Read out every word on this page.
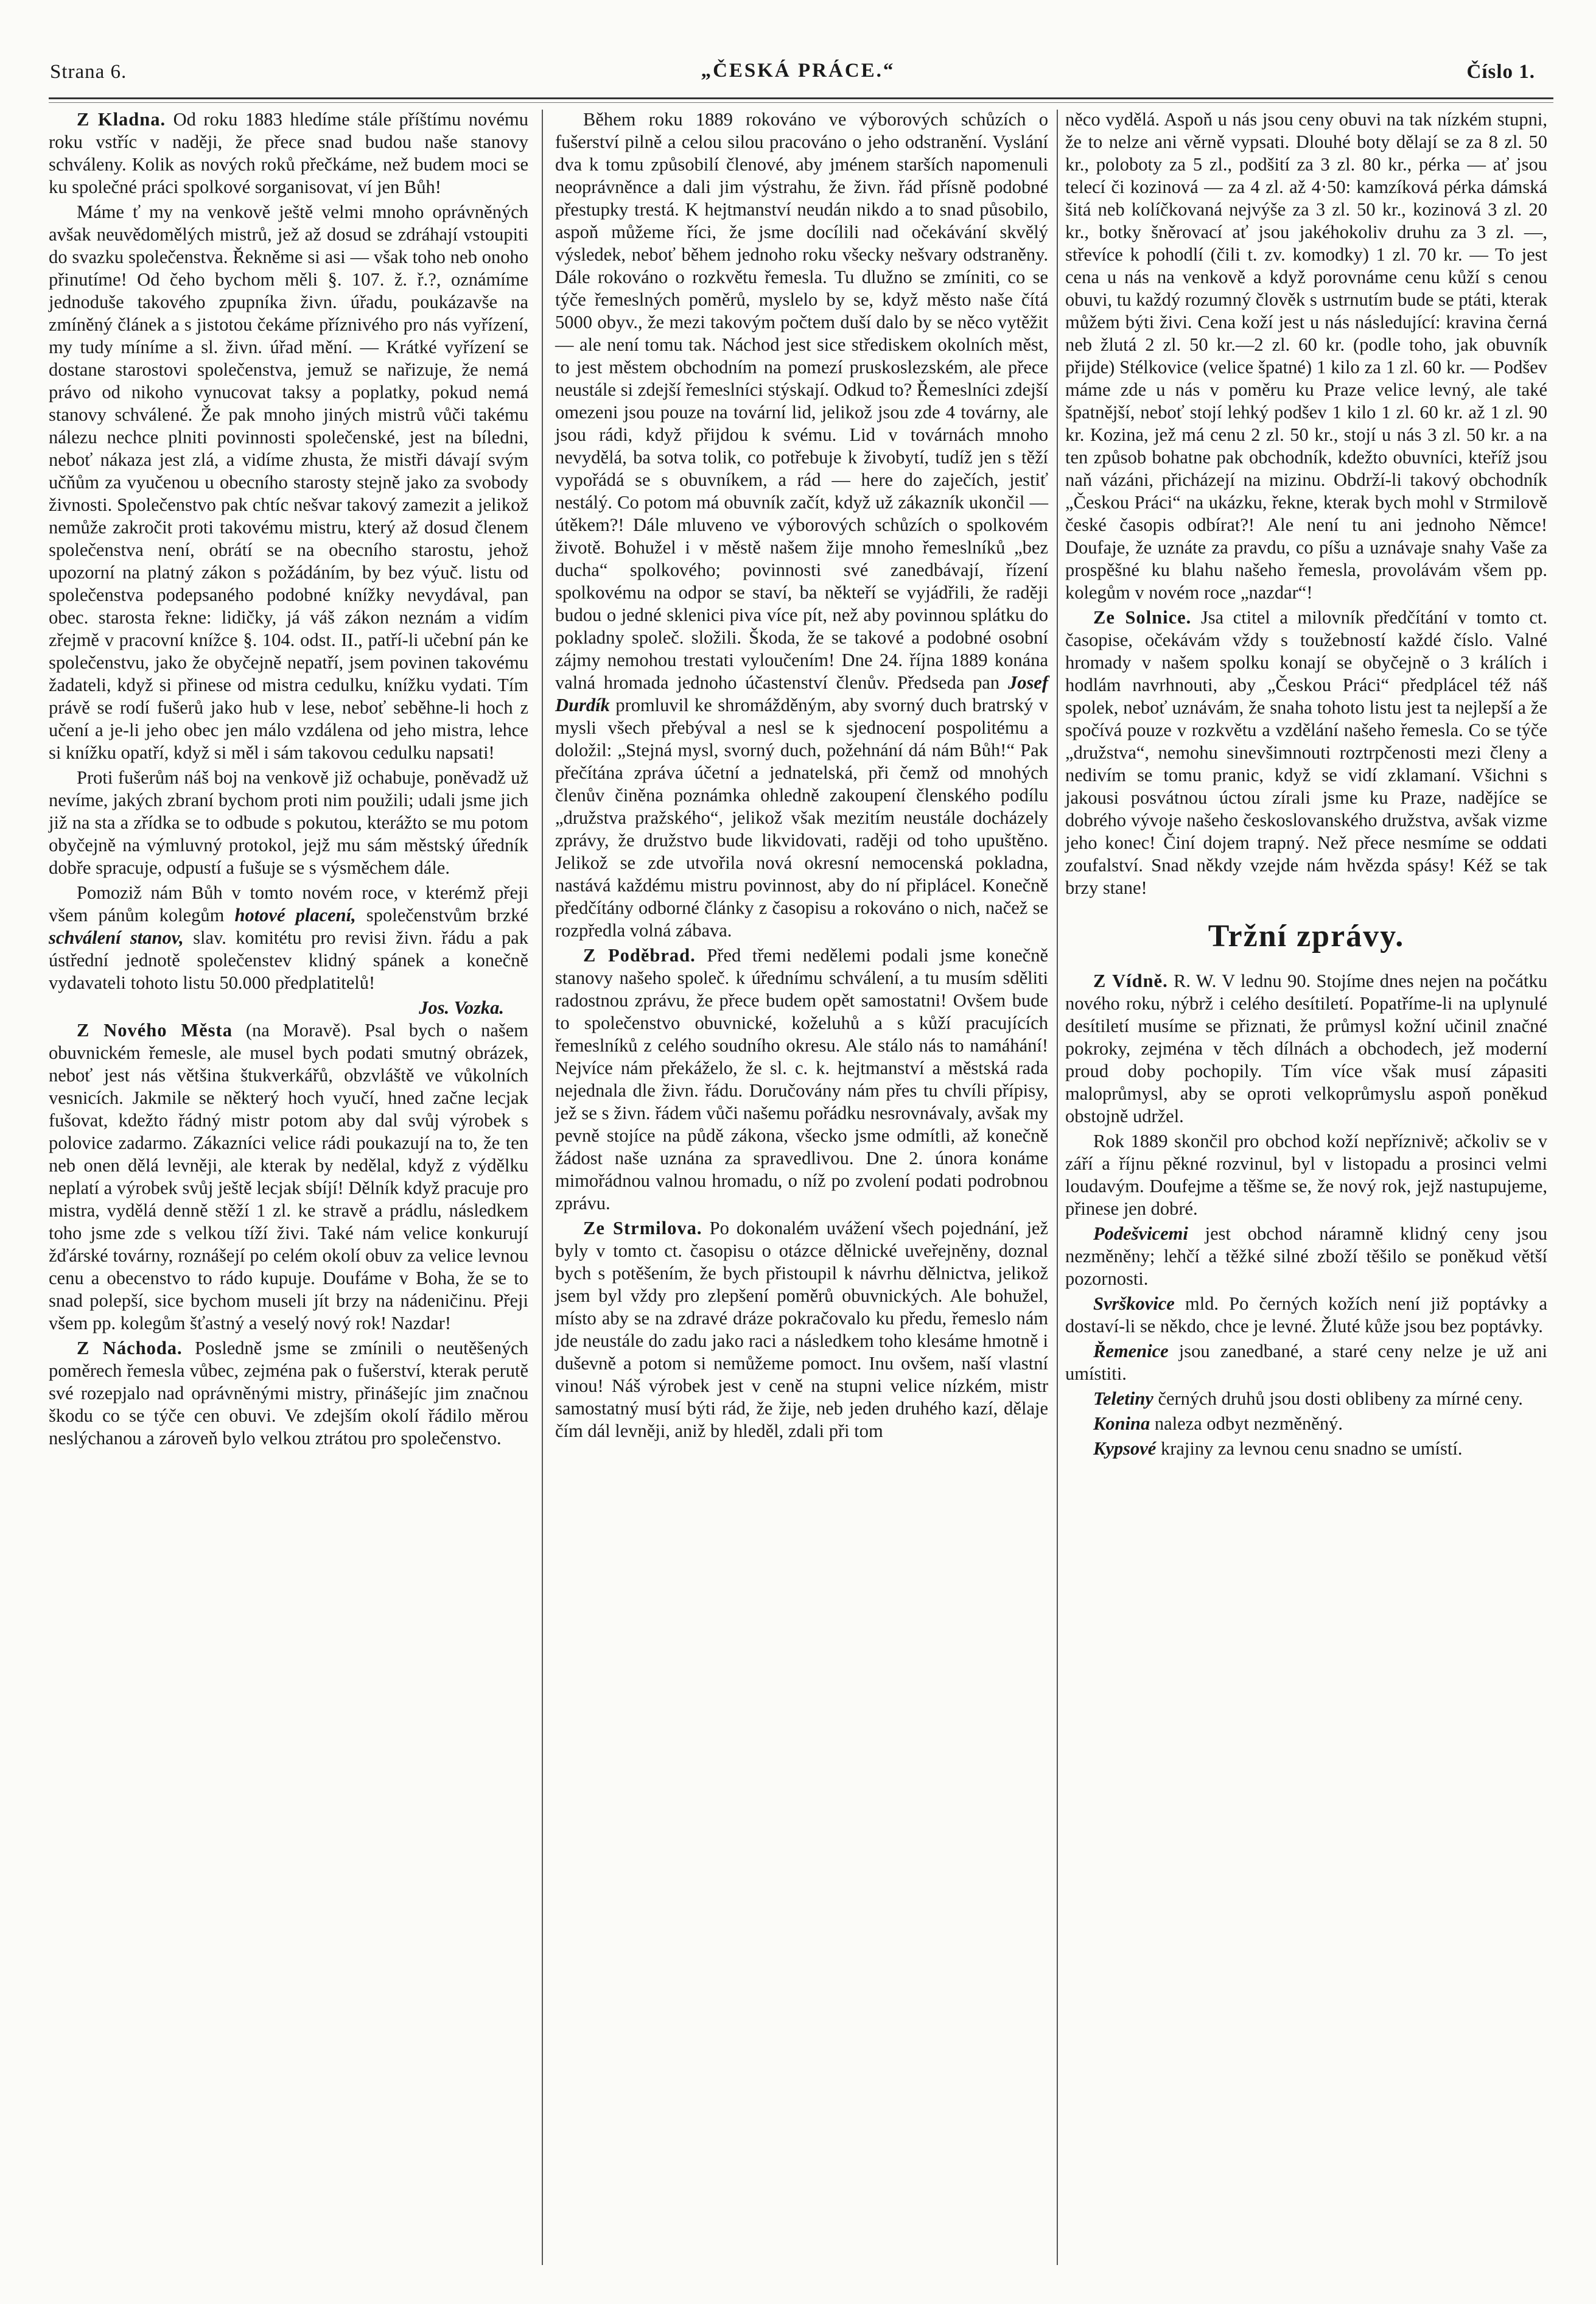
Strana 6.	„ČESKÁ PRÁCE.“	Číslo 1.

Z Kladna. Od roku 1883 hledíme stále příštímu novému roku vstříc v naději, že přece snad budou naše stanovy schváleny. Kolik as nových roků přečkáme, než budem moci se ku společné práci spolkové sorganisovat, ví jen Bůh!

Máme ť my na venkově ještě velmi mnoho oprávněných avšak neuvědomělých mistrů, jež až dosud se zdráhají vstoupiti do svazku společenstva. Řekněme si asi — však toho neb onoho přinutíme! Od čeho bychom měli §. 107. ž. ř.?, oznámíme jednoduše takového zpupníka živn. úřadu, poukázavše na zmíněný článek a s jistotou čekáme příznivého pro nás vyřízení, my tudy míníme a sl. živn. úřad mění. — Krátké vyřízení se dostane starostovi společenstva, jemuž se nařizuje, že nemá právo od nikoho vynucovat taksy a poplatky, pokud nemá stanovy schválené. Že pak mnoho jiných mistrů vůči takému nálezu nechce plniti povinnosti společenské, jest na bíledni, neboť nákaza jest zlá, a vidíme zhusta, že mistři dávají svým učňům za vyučenou u obecního starosty stejně jako za svobody živnosti. Společenstvo pak chtíc nešvar takový zamezit a jelikož nemůže zakročit proti takovému mistru, který až dosud členem společenstva není, obrátí se na obecního starostu, jehož upozorní na platný zákon s požádáním, by bez výuč. listu od společenstva podepsaného podobné knížky nevydával, pan obec. starosta řekne: lidičky, já váš zákon neznám a vidím zřejmě v pracovní knížce §. 104. odst. II., patří-li učební pán ke společenstvu, jako že obyčejně nepatří, jsem povinen takovému žadateli, když si přinese od mistra cedulku, knížku vydati. Tím právě se rodí fušerů jako hub v lese, neboť seběhne-li hoch z učení a je-li jeho obec jen málo vzdálena od jeho mistra, lehce si knížku opatří, když si měl i sám takovou cedulku napsati!

Proti fušerům náš boj na venkově již ochabuje, poněvadž už nevíme, jakých zbraní bychom proti nim použili; udali jsme jich již na sta a zřídka se to odbude s pokutou, kterážto se mu potom obyčejně na výmluvný protokol, jejž mu sám městský úředník dobře spracuje, odpustí a fušuje se s výsměchem dále.

Pomoziž nám Bůh v tomto novém roce, v kterémž přeji všem pánům kolegům hotové placení, společenstvům brzké schválení stanov, slav. komitétu pro revisi živn. řádu a pak ústřední jednotě společenstev klidný spánek a konečně vydavateli tohoto listu 50.000 předplatitelů!

Jos. Vozka.

Z Nového Města (na Moravě). Psal bych o našem obuvnickém řemesle, ale musel bych podati smutný obrázek, neboť jest nás většina štukverkářů, obzvláště ve vůkolních vesnicích. Jakmile se některý hoch vyučí, hned začne lecjak fušovat, kdežto řádný mistr potom aby dal svůj výrobek s polovice zadarmo. Zákazníci velice rádi poukazují na to, že ten neb onen dělá levněji, ale kterak by nedělal, když z výdělku neplatí a výrobek svůj ještě lecjak sbíjí! Dělník když pracuje pro mistra, vydělá denně stěží 1 zl. ke stravě a prádlu, následkem toho jsme zde s velkou tíží živi. Také nám velice konkurují žďárské továrny, roznášejí po celém okolí obuv za velice levnou cenu a obecenstvo to rádo kupuje. Doufáme v Boha, že se to snad polepší, sice bychom museli jít brzy na nádeničinu. Přeji všem pp. kolegům šťastný a veselý nový rok! Nazdar!

Z Náchoda. Posledně jsme se zmínili o neutěšených poměrech řemesla vůbec, zejména pak o fušerství, kterak perutě své rozepjalo nad oprávněnými mistry, přinášejíc jim značnou škodu co se týče cen obuvi. Ve zdejším okolí řádilo měrou neslýchanou a zároveň bylo velkou ztrátou pro společenstvo.

Během roku 1889 rokováno ve výborových schůzích o fušerství pilně a celou silou pracováno o jeho odstranění. Vyslání dva k tomu způsobilí členové, aby jménem starších napomenuli neoprávněnce a dali jim výstrahu, že živn. řád přísně podobné přestupky trestá. K hejtmanství neudán nikdo a to snad působilo, aspoň můžeme říci, že jsme docílili nad očekávání skvělý výsledek, neboť během jednoho roku všecky nešvary odstraněny. Dále rokováno o rozkvětu řemesla. Tu dlužno se zmíniti, co se týče řemeslných poměrů, myslelo by se, když město naše čítá 5000 obyv., že mezi takovým počtem duší dalo by se něco vytěžit — ale není tomu tak. Náchod jest sice střediskem okolních měst, to jest městem obchodním na pomezí pruskoslezském, ale přece neustále si zdejší řemeslníci stýskají. Odkud to? Řemeslníci zdejší omezeni jsou pouze na tovární lid, jelikož jsou zde 4 továrny, ale jsou rádi, když přijdou k svému. Lid v továrnách mnoho nevydělá, ba sotva tolik, co potřebuje k živobytí, tudíž jen s těží vypořádá se s obuvníkem, a rád — here do zaječích, jestiť nestálý. Co potom má obuvník začít, když už zákazník ukončil — útěkem?! Dále mluveno ve výborových schůzích o spolkovém životě. Bohužel i v městě našem žije mnoho řemeslníků „bez ducha“ spolkového; povinnosti své zanedbávají, řízení spolkovému na odpor se staví, ba někteří se vyjádřili, že raději budou o jedné sklenici piva více pít, než aby povinnou splátku do pokladny společ. složili. Škoda, že se takové a podobné osobní zájmy nemohou trestati vyloučením! Dne 24. října 1889 konána valná hromada jednoho účastenství členův. Předseda pan Josef Durdík promluvil ke shromážděným, aby svorný duch bratrský v mysli všech přebýval a nesl se k sjednocení pospolitému a doložil: „Stejná mysl, svorný duch, požehnání dá nám Bůh!“ Pak přečítána zpráva účetní a jednatelská, při čemž od mnohých členův činěna poznámka ohledně zakoupení členského podílu „družstva pražského“, jelikož však mezitím neustále docházely zprávy, že družstvo bude likvidovati, raději od toho upuštěno. Jelikož se zde utvořila nová okresní nemocenská pokladna, nastává každému mistru povinnost, aby do ní připlácel. Konečně předčítány odborné články z časopisu a rokováno o nich, načež se rozpředla volná zábava.

Z Poděbrad. Před třemi nedělemi podali jsme konečně stanovy našeho společ. k úřednímu schválení, a tu musím sděliti radostnou zprávu, že přece budem opět samostatni! Ovšem bude to společenstvo obuvnické, koželuhů a s kůží pracujících řemeslníků z celého soudního okresu. Ale stálo nás to namáhání! Nejvíce nám překáželo, že sl. c. k. hejtmanství a městská rada nejednala dle živn. řádu. Doručovány nám přes tu chvíli přípisy, jež se s živn. řádem vůči našemu pořádku nesrovnávaly, avšak my pevně stojíce na půdě zákona, všecko jsme odmítli, až konečně žádost naše uznána za spravedlivou. Dne 2. února konáme mimořádnou valnou hromadu, o níž po zvolení podati podrobnou zprávu.

Ze Strmilova. Po dokonalém uvážení všech pojednání, jež byly v tomto ct. časopisu o otázce dělnické uveřejněny, doznal bych s potěšením, že bych přistoupil k návrhu dělnictva, jelikož jsem byl vždy pro zlepšení poměrů obuvnických. Ale bohužel, místo aby se na zdravé dráze pokračovalo ku předu, řemeslo nám jde neustále do zadu jako raci a následkem toho klesáme hmotně i duševně a potom si nemůžeme pomoct. Inu ovšem, naší vlastní vinou! Náš výrobek jest v ceně na stupni velice nízkém, mistr samostatný musí býti rád, že žije, neb jeden druhého kazí, dělaje čím dál levněji, aniž by hleděl, zdali při tom

něco vydělá. Aspoň u nás jsou ceny obuvi na tak nízkém stupni, že to nelze ani věrně vypsati. Dlouhé boty dělají se za 8 zl. 50 kr., poloboty za 5 zl., podšití za 3 zl. 80 kr., pérka — ať jsou telecí či kozinová — za 4 zl. až 4·50: kamzíková pérka dámská šitá neb kolíčkovaná nejvýše za 3 zl. 50 kr., kozinová 3 zl. 20 kr., botky šněrovací ať jsou jakéhokoliv druhu za 3 zl. —, střevíce k pohodlí (čili t. zv. komodky) 1 zl. 70 kr. — To jest cena u nás na venkově a když porovnáme cenu kůží s cenou obuvi, tu každý rozumný člověk s ustrnutím bude se ptáti, kterak můžem býti živi. Cena koží jest u nás následující: kravina černá neb žlutá 2 zl. 50 kr.—2 zl. 60 kr. (podle toho, jak obuvník přijde) Stélkovice (velice špatné) 1 kilo za 1 zl. 60 kr. — Podšev máme zde u nás v poměru ku Praze velice levný, ale také špatnější, neboť stojí lehký podšev 1 kilo 1 zl. 60 kr. až 1 zl. 90 kr. Kozina, jež má cenu 2 zl. 50 kr., stojí u nás 3 zl. 50 kr. a na ten způsob bohatne pak obchodník, kdežto obuvníci, kteříž jsou naň vázáni, přicházejí na mizinu. Obdrží-li takový obchodník „Českou Práci“ na ukázku, řekne, kterak bych mohl v Strmilově české časopis odbírat?! Ale není tu ani jednoho Němce! Doufaje, že uznáte za pravdu, co píšu a uznávaje snahy Vaše za prospěšné ku blahu našeho řemesla, provolávám všem pp. kolegům v novém roce „nazdar“!

Ze Solnice. Jsa ctitel a milovník předčítání v tomto ct. časopise, očekávám vždy s toužebností každé číslo. Valné hromady v našem spolku konají se obyčejně o 3 králích i hodlám navrhnouti, aby „Českou Práci“ předplácel též náš spolek, neboť uznávám, že snaha tohoto listu jest ta nejlepší a že spočívá pouze v rozkvětu a vzdělání našeho řemesla. Co se týče „družstva“, nemohu sinevšimnouti roztrpčenosti mezi členy a nedivím se tomu pranic, když se vidí zklamaní. Všichni s jakousi posvátnou úctou zírali jsme ku Praze, nadějíce se dobrého vývoje našeho českoslovanského družstva, avšak vizme jeho konec! Činí dojem trapný. Než přece nesmíme se oddati zoufalství. Snad někdy vzejde nám hvězda spásy! Kéž se tak brzy stane!

Tržní zprávy.

Z Vídně. R. W. V lednu 90. Stojíme dnes nejen na počátku nového roku, nýbrž i celého desítiletí. Popatříme-li na uplynulé desítiletí musíme se přiznati, že průmysl kožní učinil značné pokroky, zejména v těch dílnách a obchodech, jež moderní proud doby pochopily. Tím více však musí zápasiti maloprůmysl, aby se oproti velkoprůmyslu aspoň poněkud obstojně udržel.

Rok 1889 skončil pro obchod koží nepříznivě; ačkoliv se v září a říjnu pěkné rozvinul, byl v listopadu a prosinci velmi loudavým. Doufejme a těšme se, že nový rok, jejž nastupujeme, přinese jen dobré.

Podešvicemi jest obchod náramně klidný ceny jsou nezměněny; lehčí a těžké silné zboží těšilo se poněkud větší pozornosti.

Svrškovice mld. Po černých kožích není již poptávky a dostaví-li se někdo, chce je levné. Žluté kůže jsou bez poptávky.

Řemenice jsou zanedbané, a staré ceny nelze je už ani umístiti.

Teletiny černých druhů jsou dosti oblibeny za mírné ceny.

Konina naleza odbyt nezměněný.

Kypsové krajiny za levnou cenu snadno se umístí.
